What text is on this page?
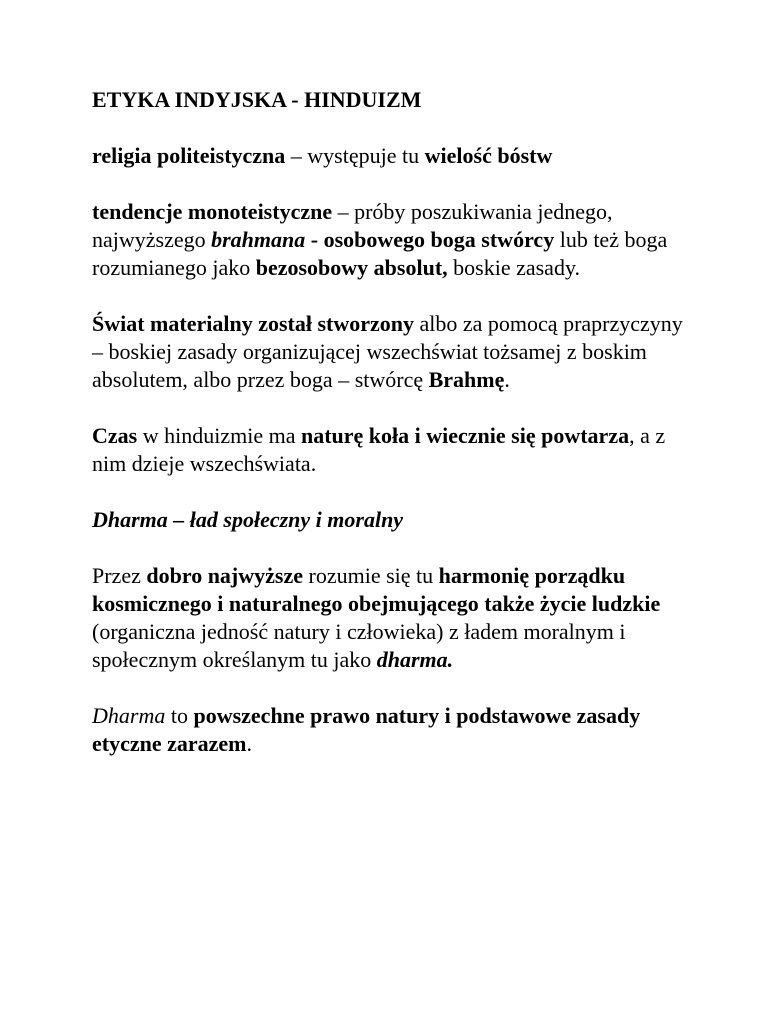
ETYKA INDYJSKA - HINDUIZM

religia politeistyczna – występuje tu wielość bóstw

tendencje monoteistyczne – próby poszukiwania jednego, najwyższego brahmana - osobowego boga stwórcy lub też boga rozumianego jako bezosobowy absolut, boskie zasady.

Świat materialny został stworzony albo za pomocą praprzyczyny – boskiej zasady organizującej wszechświat tożsamej z boskim absolutem, albo przez boga – stwórcę Brahmę.

Czas w hinduizmie ma naturę koła i wiecznie się powtarza, a z nim dzieje wszechświata.

Dharma – ład społeczny i moralny

Przez dobro najwyższe rozumie się tu harmonię porządku kosmicznego i naturalnego obejmującego także życie ludzkie (organiczna jedność natury i człowieka) z ładem moralnym i społecznym określanym tu jako dharma.

Dharma to powszechne prawo natury i podstawowe zasady etyczne zarazem.
